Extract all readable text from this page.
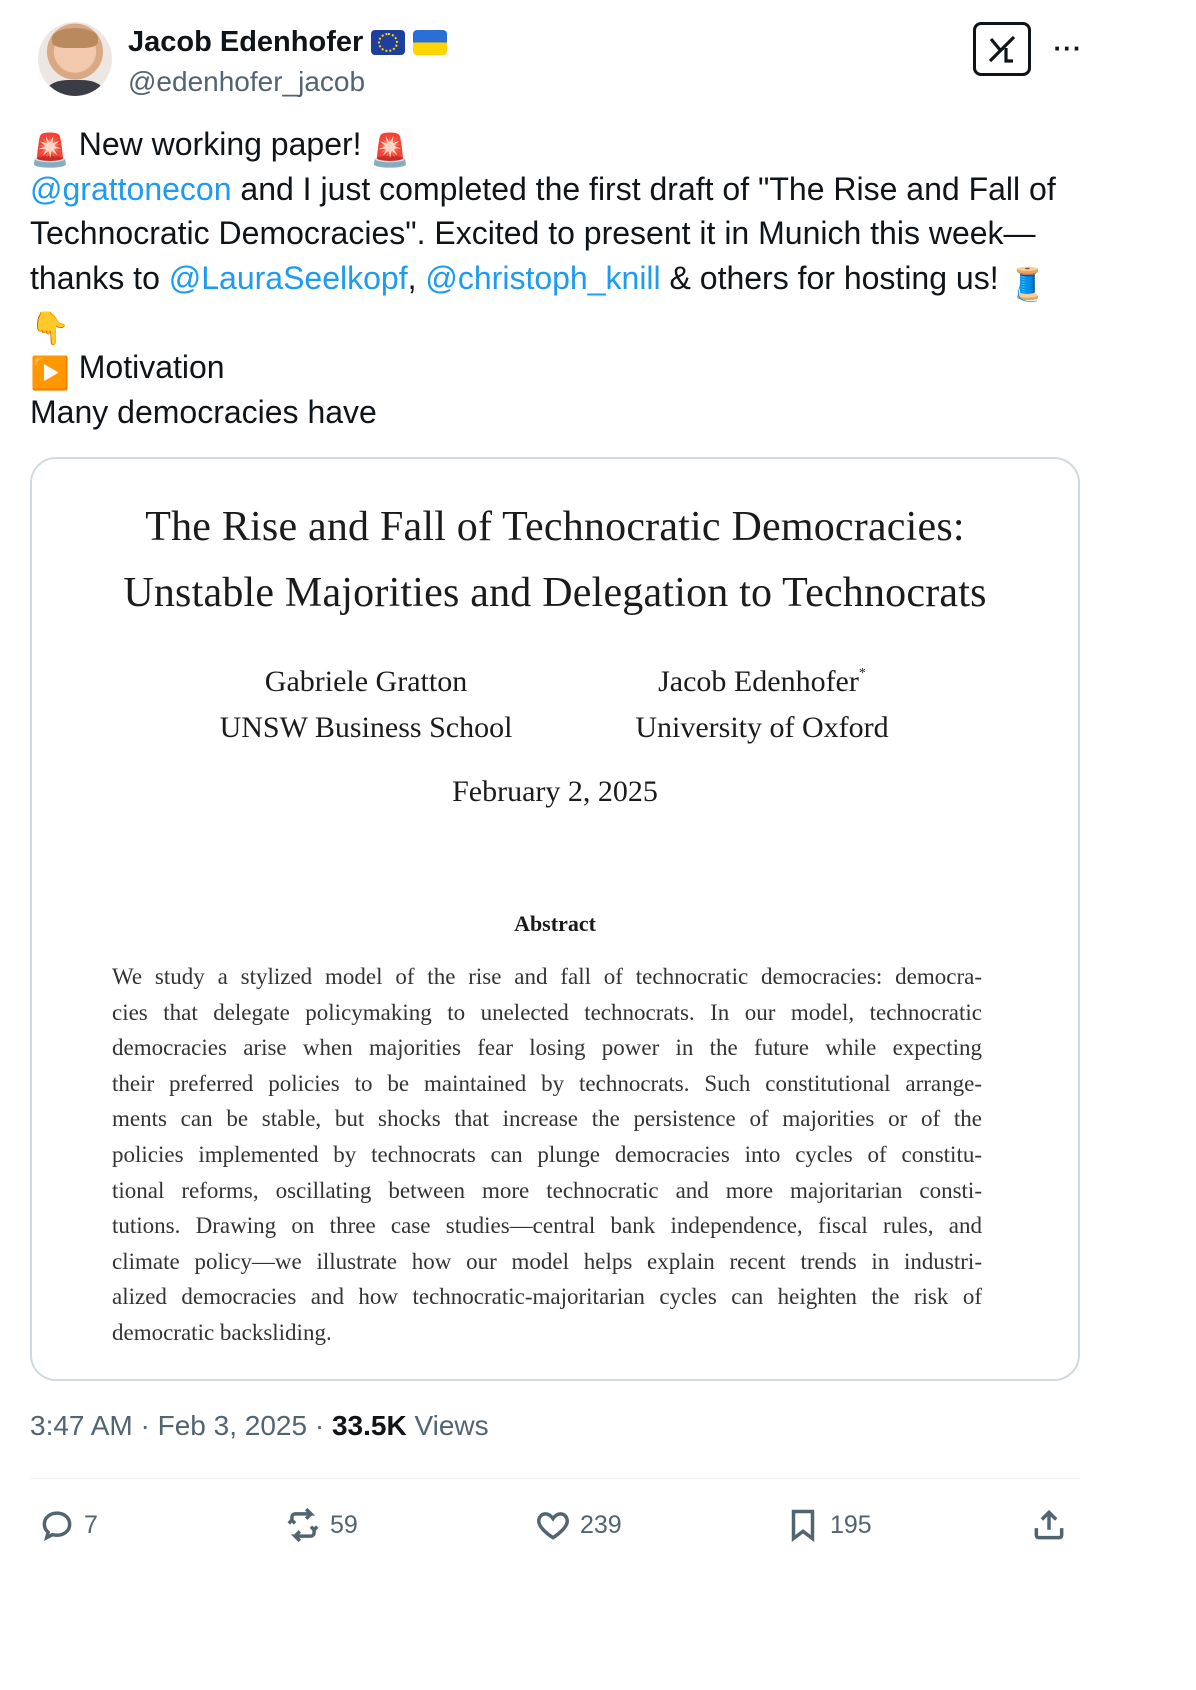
Jacob Edenhofer
@edenhofer_jacob
···
🚨 New working paper! 🚨
@grattonecon and I just completed the first draft of "The Rise and Fall of
Technocratic Democracies". Excited to present it in Munich this week—
thanks to @LauraSeelkopf, @christoph_knill & others for hosting us! 🧵
👇
▶️ Motivation
Many democracies have
The Rise and Fall of Technocratic Democracies:
Unstable Majorities and Delegation to Technocrats
Gabriele Gratton
UNSW Business School
Jacob Edenhofer*
University of Oxford
February 2, 2025
Abstract
We study a stylized model of the rise and fall of technocratic democracies: democra-
cies that delegate policymaking to unelected technocrats. In our model, technocratic
democracies arise when majorities fear losing power in the future while expecting
their preferred policies to be maintained by technocrats. Such constitutional arrange-
ments can be stable, but shocks that increase the persistence of majorities or of the
policies implemented by technocrats can plunge democracies into cycles of constitu-
tional reforms, oscillating between more technocratic and more majoritarian consti-
tutions. Drawing on three case studies—central bank independence, fiscal rules, and
climate policy—we illustrate how our model helps explain recent trends in industri-
alized democracies and how technocratic-majoritarian cycles can heighten the risk of
democratic backsliding.
3:47 AM · Feb 3, 2025 · 33.5K Views
7	59	239	195
